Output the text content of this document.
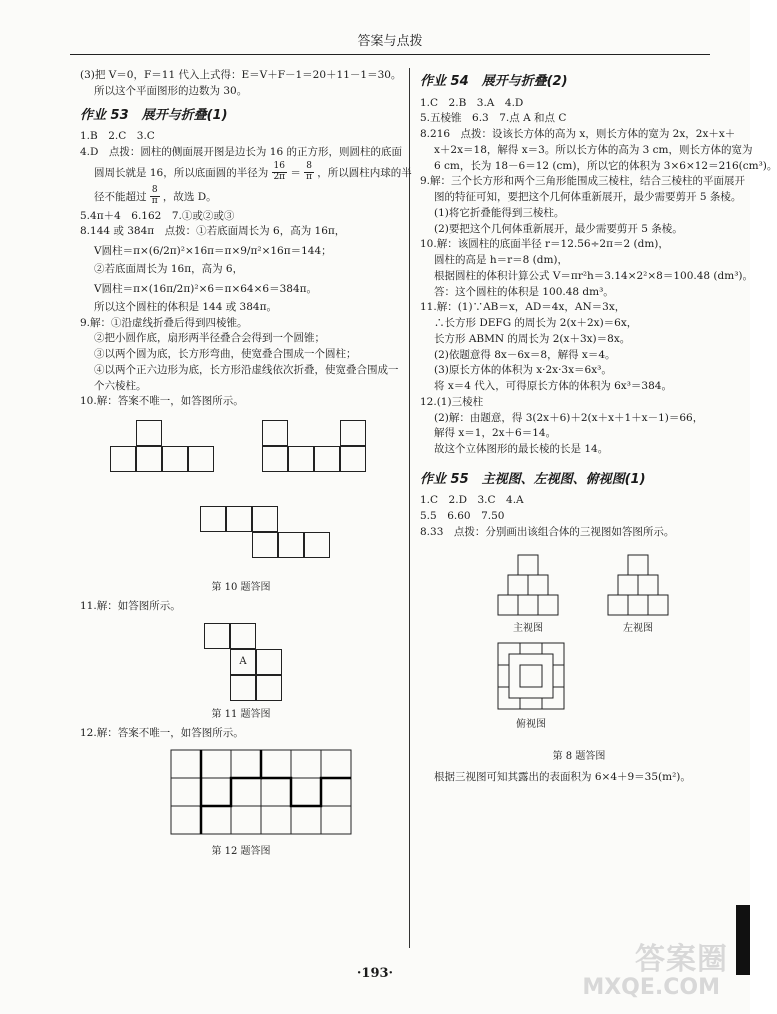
答案与点拨
(3)把 V＝0，F＝11 代入上式得：E＝V＋F－1＝20＋11－1＝30。
所以这个平面图形的边数为 30。
作业 53　展开与折叠(1)
1.B　2.C　3.C
4.D　点拨：圆柱的侧面展开图是边长为 16 的正方形，则圆柱的底面
圆周长就是 16，所以底面圆的半径为 $\frac{16}{2\pi} = \frac{8}{\pi}$ ，所以圆柱内球的半
径不能超过 $\frac{8}{\pi}$ ，故选 D。
5.4π＋4　6.162　7.①或②或③
8.144 或 384π　点拨：①若底面周长为 6，高为 16π，
V圆柱＝π×(6/2π)²×16π＝π×9/π²×16π＝144；
②若底面周长为 16π，高为 6，
V圆柱＝π×(16π/2π)²×6＝π×64×6＝384π。
所以这个圆柱的体积是 144 或 384π。
9.解：①沿虚线折叠后得到四棱锥。
②把小圆作底，扇形两半径叠合会得到一个圆锥；
③以两个圆为底，长方形弯曲，使宽叠合围成一个圆柱；
④以两个正六边形为底，长方形沿虚线依次折叠，使宽叠合围成一
个六棱柱。
10.解：答案不唯一，如答图所示。
第 10 题答图
11.解：如答图所示。
A
第 11 题答图
12.解：答案不唯一，如答图所示。
第 12 题答图
作业 54　展开与折叠(2)
1.C　2.B　3.A　4.D
5.五棱锥　6.3　7.点 A 和点 C
8.216　点拨：设该长方体的高为 x，则长方体的宽为 2x，2x＋x＋
x＋2x＝18，解得 x＝3。所以长方体的高为 3 cm，则长方体的宽为
6 cm，长为 18－6＝12 (cm)，所以它的体积为 3×6×12＝216(cm³)。
9.解：三个长方形和两个三角形能围成三棱柱，结合三棱柱的平面展开
图的特征可知，要把这个几何体重新展开，最少需要剪开 5 条棱。
(1)将它折叠能得到三棱柱。
(2)要把这个几何体重新展开，最少需要剪开 5 条棱。
10.解：该圆柱的底面半径 r＝12.56÷2π＝2 (dm)，
圆柱的高是 h＝r＝8 (dm)，
根据圆柱的体积计算公式 V＝πr²h＝3.14×2²×8＝100.48 (dm³)。
答：这个圆柱的体积是 100.48 dm³。
11.解：(1)∵AB＝x，AD＝4x，AN＝3x，
∴长方形 DEFG 的周长为 2(x＋2x)＝6x，
长方形 ABMN 的周长为 2(x＋3x)＝8x。
(2)依题意得 8x－6x＝8，解得 x＝4。
(3)原长方体的体积为 x·2x·3x＝6x³。
将 x＝4 代入，可得原长方体的体积为 6x³＝384。
12.(1)三棱柱
(2)解：由题意，得 3(2x＋6)＋2(x＋x＋1＋x－1)＝66，
解得 x＝1，2x＋6＝14。
故这个立体图形的最长棱的长是 14。
作业 55　主视图、左视图、俯视图(1)
1.C　2.D　3.C　4.A
5.5　6.60　7.50
8.33　点拨：分别画出该组合体的三视图如答图所示。
主视图	左视图
俯视图
第 8 题答图
根据三视图可知其露出的表面积为 6×4＋9＝35(m²)。
·193·	答案圈
MXQE.COM
